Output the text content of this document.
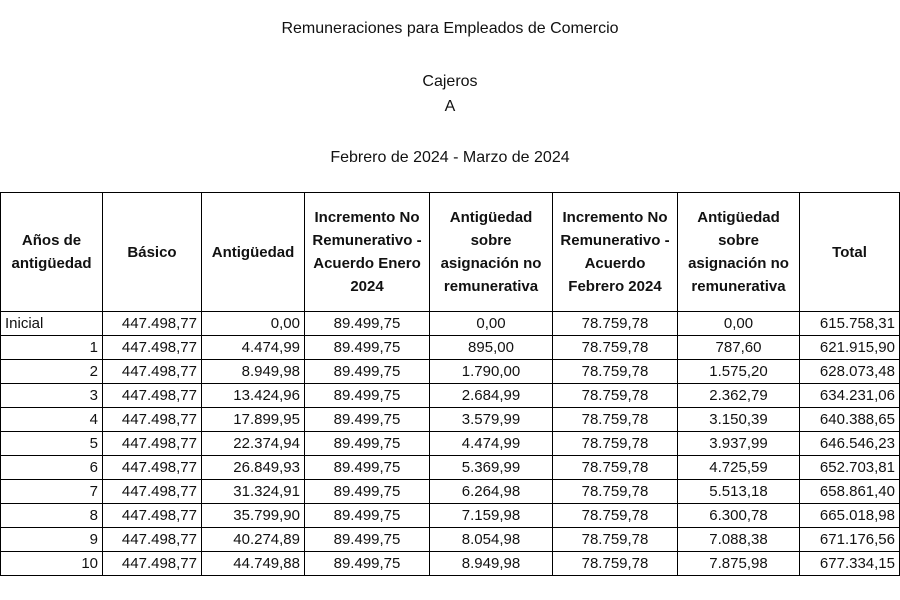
Remuneraciones para Empleados de Comercio
Cajeros
A
Febrero de 2024 - Marzo de 2024
Años de antigüedad	Básico	Antigüedad	Incremento No Remunerativo - Acuerdo Enero 2024	Antigüedad sobre asignación no remunerativa	Incremento No Remunerativo - Acuerdo Febrero 2024	Antigüedad sobre asignación no remunerativa	Total
Inicial	447.498,77	0,00	89.499,75	0,00	78.759,78	0,00	615.758,31
1	447.498,77	4.474,99	89.499,75	895,00	78.759,78	787,60	621.915,90
2	447.498,77	8.949,98	89.499,75	1.790,00	78.759,78	1.575,20	628.073,48
3	447.498,77	13.424,96	89.499,75	2.684,99	78.759,78	2.362,79	634.231,06
4	447.498,77	17.899,95	89.499,75	3.579,99	78.759,78	3.150,39	640.388,65
5	447.498,77	22.374,94	89.499,75	4.474,99	78.759,78	3.937,99	646.546,23
6	447.498,77	26.849,93	89.499,75	5.369,99	78.759,78	4.725,59	652.703,81
7	447.498,77	31.324,91	89.499,75	6.264,98	78.759,78	5.513,18	658.861,40
8	447.498,77	35.799,90	89.499,75	7.159,98	78.759,78	6.300,78	665.018,98
9	447.498,77	40.274,89	89.499,75	8.054,98	78.759,78	7.088,38	671.176,56
10	447.498,77	44.749,88	89.499,75	8.949,98	78.759,78	7.875,98	677.334,15
